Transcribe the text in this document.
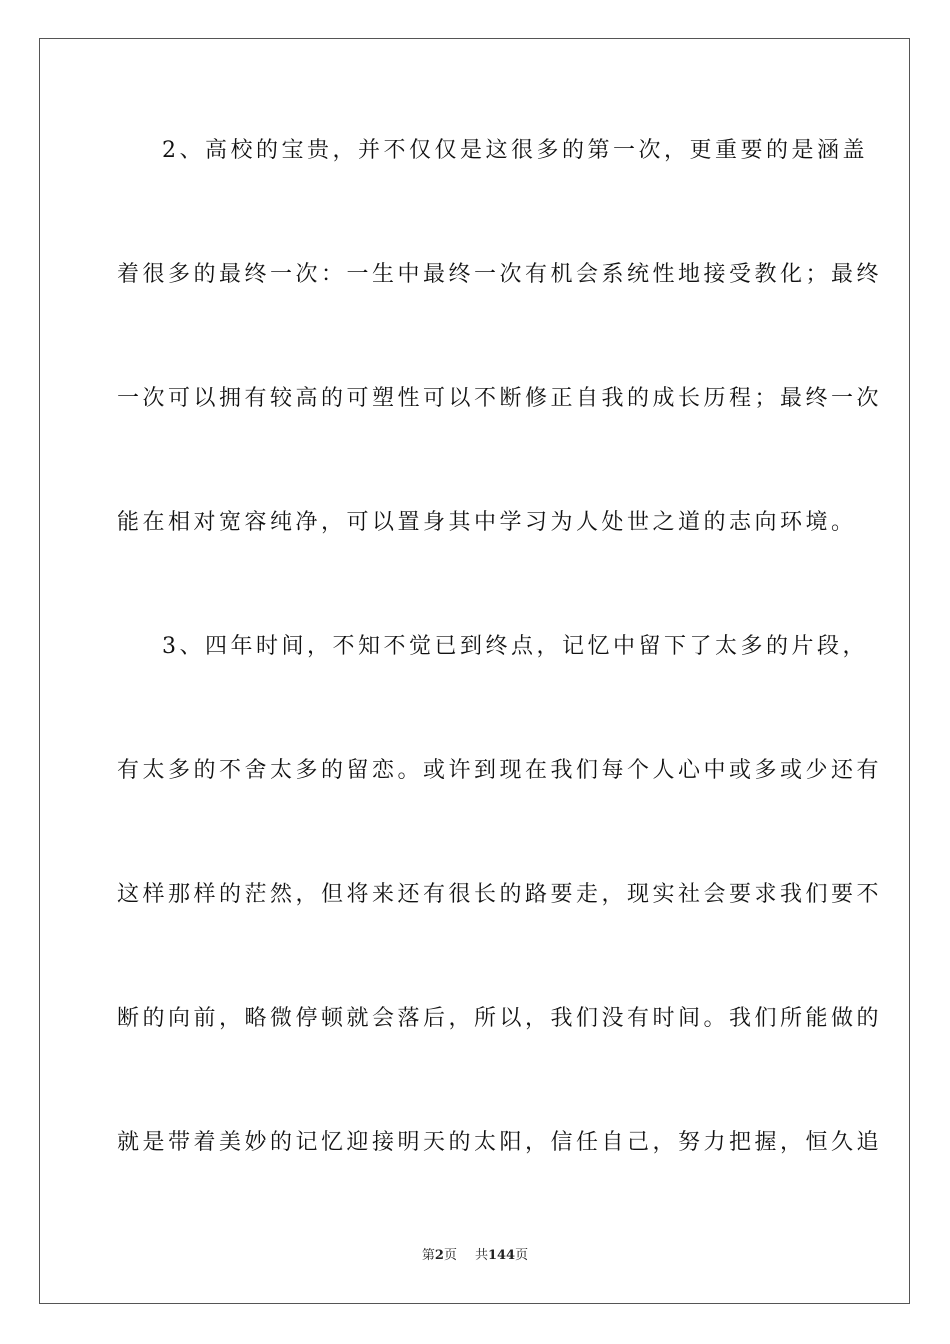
2、高校的宝贵，并不仅仅是这很多的第一次，更重要的是涵盖
着很多的最终一次：一生中最终一次有机会系统性地接受教化；最终
一次可以拥有较高的可塑性可以不断修正自我的成长历程；最终一次
能在相对宽容纯净，可以置身其中学习为人处世之道的志向环境。
3、四年时间，不知不觉已到终点，记忆中留下了太多的片段，
有太多的不舍太多的留恋。或许到现在我们每个人心中或多或少还有
这样那样的茫然，但将来还有很长的路要走，现实社会要求我们要不
断的向前，略微停顿就会落后，所以，我们没有时间。我们所能做的
就是带着美妙的记忆迎接明天的太阳，信任自己，努力把握，恒久追
第2页 共144页
